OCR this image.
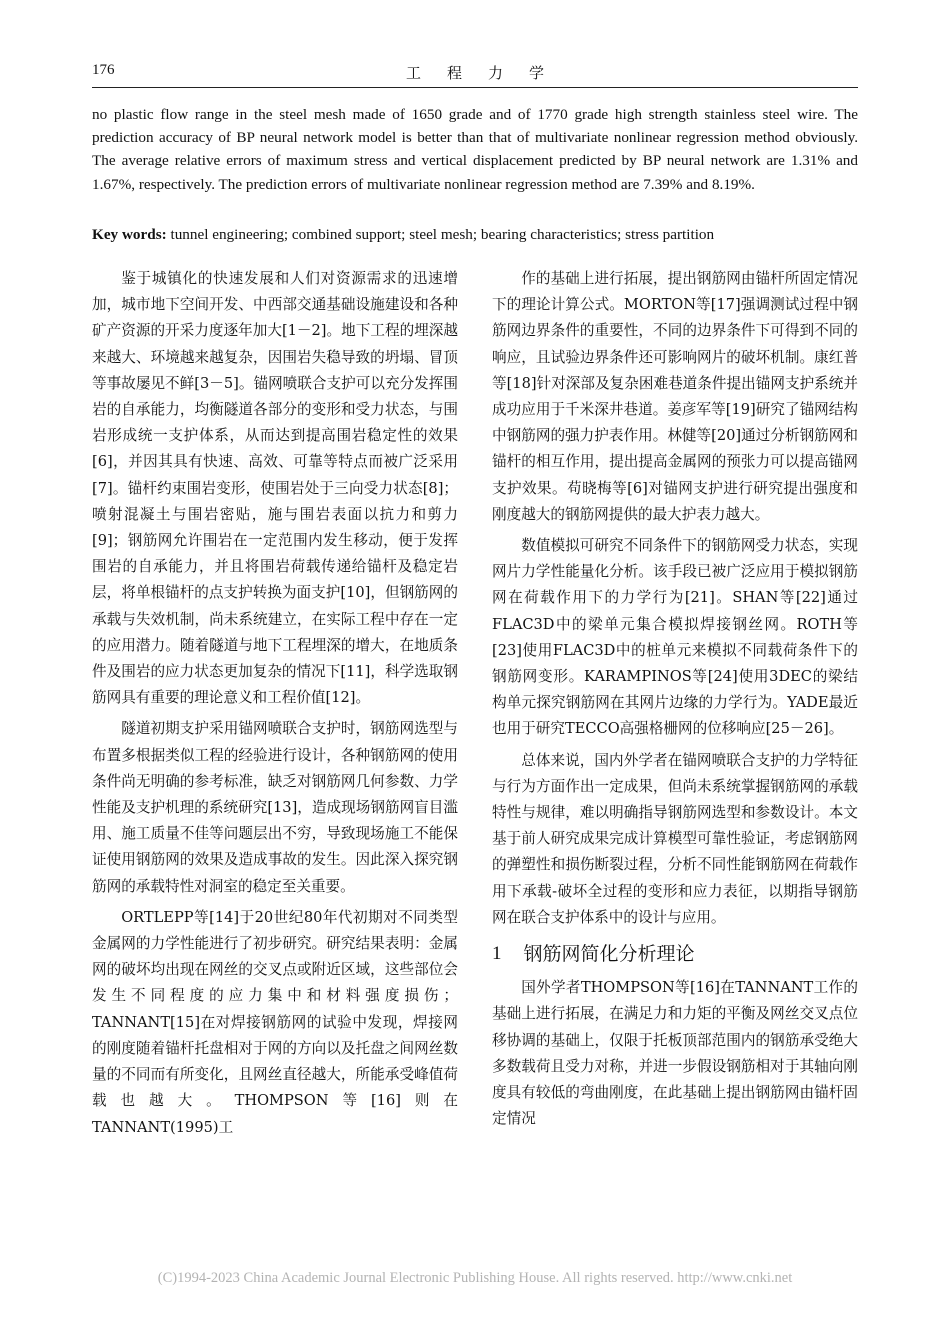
176	工程力学
no plastic flow range in the steel mesh made of 1650 grade and of 1770 grade high strength stainless steel wire. The prediction accuracy of BP neural network model is better than that of multivariate nonlinear regression method obviously. The average relative errors of maximum stress and vertical displacement predicted by BP neural network are 1.31% and 1.67%, respectively. The prediction errors of multivariate nonlinear regression method are 7.39% and 8.19%.
Key words: tunnel engineering; combined support; steel mesh; bearing characteristics; stress partition

鉴于城镇化的快速发展和人们对资源需求的迅速增加，城市地下空间开发、中西部交通基础设施建设和各种矿产资源的开采力度逐年加大[1－2]。地下工程的埋深越来越大、环境越来越复杂，因围岩失稳导致的坍塌、冒顶等事故屡见不鲜[3－5]。锚网喷联合支护可以充分发挥围岩的自承能力，均衡隧道各部分的变形和受力状态，与围岩形成统一支护体系，从而达到提高围岩稳定性的效果[6]，并因其具有快速、高效、可靠等特点而被广泛采用[7]。锚杆约束围岩变形，使围岩处于三向受力状态[8]；喷射混凝土与围岩密贴，施与围岩表面以抗力和剪力[9]；钢筋网允许围岩在一定范围内发生移动，便于发挥围岩的自承能力，并且将围岩荷载传递给锚杆及稳定岩层，将单根锚杆的点支护转换为面支护[10]，但钢筋网的承载与失效机制，尚未系统建立，在实际工程中存在一定的应用潜力。随着隧道与地下工程埋深的增大，在地质条件及围岩的应力状态更加复杂的情况下[11]，科学选取钢筋网具有重要的理论意义和工程价值[12]。

隧道初期支护采用锚网喷联合支护时，钢筋网选型与布置多根据类似工程的经验进行设计，各种钢筋网的使用条件尚无明确的参考标准，缺乏对钢筋网几何参数、力学性能及支护机理的系统研究[13]，造成现场钢筋网盲目滥用、施工质量不佳等问题层出不穷，导致现场施工不能保证使用钢筋网的效果及造成事故的发生。因此深入探究钢筋网的承载特性对洞室的稳定至关重要。

ORTLEPP等[14]于20世纪80年代初期对不同类型金属网的力学性能进行了初步研究。研究结果表明：金属网的破坏均出现在网丝的交叉点或附近区域，这些部位会发生不同程度的应力集中和材料强度损伤；TANNANT[15]在对焊接钢筋网的试验中发现，焊接网的刚度随着锚杆托盘相对于网的方向以及托盘之间网丝数量的不同而有所变化，且网丝直径越大，所能承受峰值荷载也越大。THOMPSON等[16]则在TANNANT(1995)工

作的基础上进行拓展，提出钢筋网由锚杆所固定情况下的理论计算公式。MORTON等[17]强调测试过程中钢筋网边界条件的重要性，不同的边界条件下可得到不同的响应，且试验边界条件还可影响网片的破坏机制。康红普等[18]针对深部及复杂困难巷道条件提出锚网支护系统并成功应用于千米深井巷道。姜彦军等[19]研究了锚网结构中钢筋网的强力护表作用。林健等[20]通过分析钢筋网和锚杆的相互作用，提出提高金属网的预张力可以提高锚网支护效果。苟晓梅等[6]对锚网支护进行研究提出强度和刚度越大的钢筋网提供的最大护表力越大。

数值模拟可研究不同条件下的钢筋网受力状态，实现网片力学性能量化分析。该手段已被广泛应用于模拟钢筋网在荷载作用下的力学行为[21]。SHAN等[22]通过FLAC3D中的梁单元集合模拟焊接钢丝网。ROTH等[23]使用FLAC3D中的桩单元来模拟不同载荷条件下的钢筋网变形。KARAMPINOS等[24]使用3DEC的梁结构单元探究钢筋网在其网片边缘的力学行为。YADE最近也用于研究TECCO高强格栅网的位移响应[25－26]。

总体来说，国内外学者在锚网喷联合支护的力学特征与行为方面作出一定成果，但尚未系统掌握钢筋网的承载特性与规律，难以明确指导钢筋网选型和参数设计。本文基于前人研究成果完成计算模型可靠性验证，考虑钢筋网的弹塑性和损伤断裂过程，分析不同性能钢筋网在荷载作用下承载-破坏全过程的变形和应力表征，以期指导钢筋网在联合支护体系中的设计与应用。

1 钢筋网简化分析理论

国外学者THOMPSON等[16]在TANNANT工作的基础上进行拓展，在满足力和力矩的平衡及网丝交叉点位移协调的基础上，仅限于托板顶部范围内的钢筋承受绝大多数载荷且受力对称，并进一步假设钢筋相对于其轴向刚度具有较低的弯曲刚度，在此基础上提出钢筋网由锚杆固定情况

(C)1994-2023 China Academic Journal Electronic Publishing House. All rights reserved. http://www.cnki.net
